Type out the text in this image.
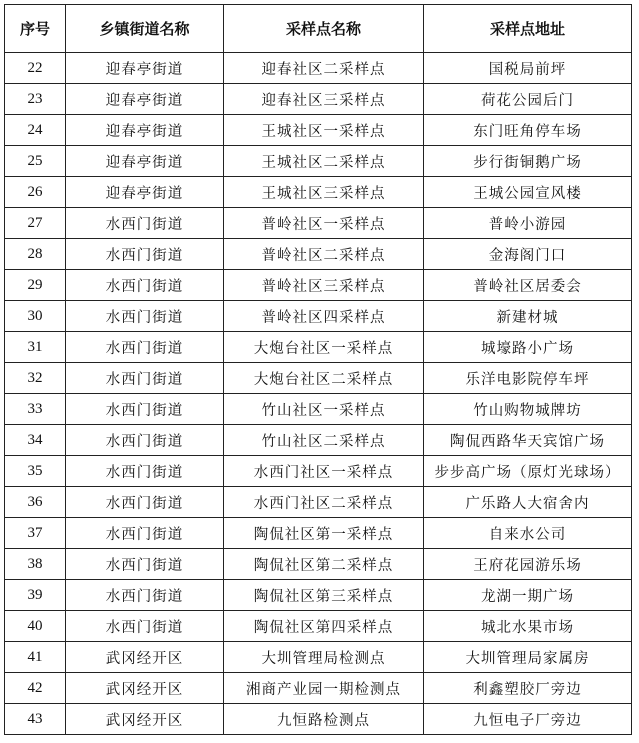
序号	乡镇街道名称	采样点名称	采样点地址
22	迎春亭街道	迎春社区二采样点	国税局前坪
23	迎春亭街道	迎春社区三采样点	荷花公园后门
24	迎春亭街道	王城社区一采样点	东门旺角停车场
25	迎春亭街道	王城社区二采样点	步行街铜鹅广场
26	迎春亭街道	王城社区三采样点	王城公园宣风楼
27	水西门街道	普岭社区一采样点	普岭小游园
28	水西门街道	普岭社区二采样点	金海阁门口
29	水西门街道	普岭社区三采样点	普岭社区居委会
30	水西门街道	普岭社区四采样点	新建材城
31	水西门街道	大炮台社区一采样点	城壕路小广场
32	水西门街道	大炮台社区二采样点	乐洋电影院停车坪
33	水西门街道	竹山社区一采样点	竹山购物城牌坊
34	水西门街道	竹山社区二采样点	陶侃西路华天宾馆广场
35	水西门街道	水西门社区一采样点	步步高广场（原灯光球场）
36	水西门街道	水西门社区二采样点	广乐路人大宿舍内
37	水西门街道	陶侃社区第一采样点	自来水公司
38	水西门街道	陶侃社区第二采样点	王府花园游乐场
39	水西门街道	陶侃社区第三采样点	龙湖一期广场
40	水西门街道	陶侃社区第四采样点	城北水果市场
41	武冈经开区	大圳管理局检测点	大圳管理局家属房
42	武冈经开区	湘商产业园一期检测点	利鑫塑胶厂旁边
43	武冈经开区	九恒路检测点	九恒电子厂旁边
